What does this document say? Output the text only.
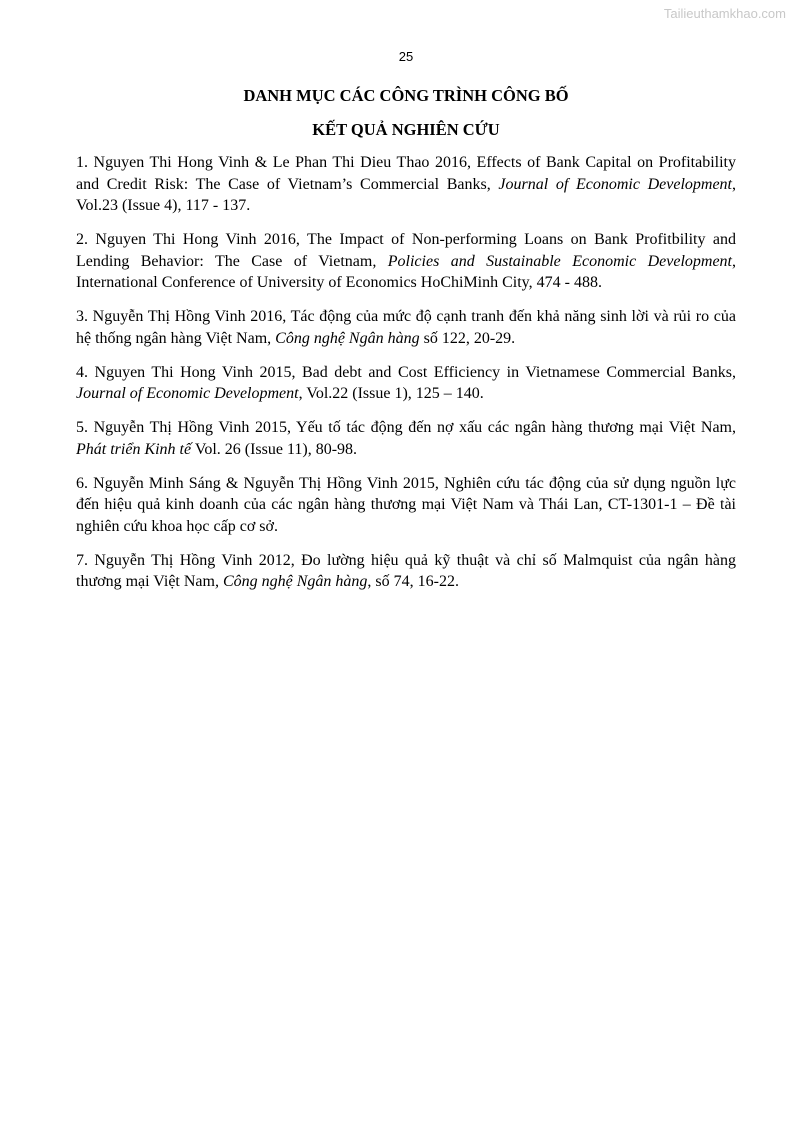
Tailieuthamkhao.com
25
DANH MỤC CÁC CÔNG TRÌNH CÔNG BỐ
KẾT QUẢ NGHIÊN CỨU

1. Nguyen Thi Hong Vinh & Le Phan Thi Dieu Thao 2016, Effects of Bank Capital on Profitability and Credit Risk: The Case of Vietnam’s Commercial Banks, Journal of Economic Development, Vol.23 (Issue 4), 117 - 137.

2. Nguyen Thi Hong Vinh 2016, The Impact of Non-performing Loans on Bank Profitbility and Lending Behavior: The Case of Vietnam, Policies and Sustainable Economic Development, International Conference of University of Economics HoChiMinh City, 474 - 488.

3. Nguyễn Thị Hồng Vinh 2016, Tác động của mức độ cạnh tranh đến khả năng sinh lời và rủi ro của hệ thống ngân hàng Việt Nam, Công nghệ Ngân hàng số 122, 20-29.

4. Nguyen Thi Hong Vinh 2015, Bad debt and Cost Efficiency in Vietnamese Commercial Banks, Journal of Economic Development, Vol.22 (Issue 1), 125 – 140.

5. Nguyễn Thị Hồng Vinh 2015, Yếu tố tác động đến nợ xấu các ngân hàng thương mại Việt Nam, Phát triển Kinh tế Vol. 26 (Issue 11), 80-98.

6. Nguyễn Minh Sáng & Nguyễn Thị Hồng Vinh 2015, Nghiên cứu tác động của sử dụng nguồn lực đến hiệu quả kinh doanh của các ngân hàng thương mại Việt Nam và Thái Lan, CT-1301-1 – Đề tài nghiên cứu khoa học cấp cơ sở.

7. Nguyễn Thị Hồng Vinh 2012, Đo lường hiệu quả kỹ thuật và chỉ số Malmquist của ngân hàng thương mại Việt Nam, Công nghệ Ngân hàng, số 74, 16-22.
